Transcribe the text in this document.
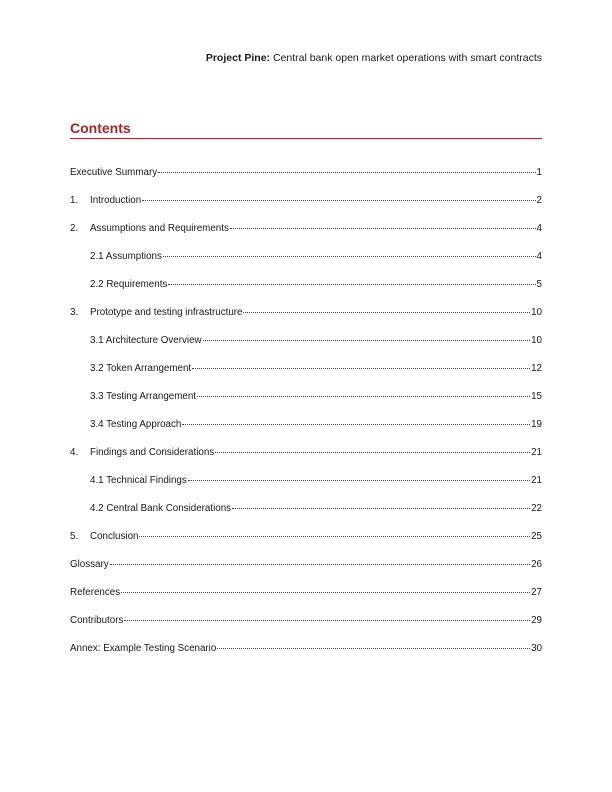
Project Pine: Central bank open market operations with smart contracts
Contents
Executive Summary	1
1.	Introduction	2
2.	Assumptions and Requirements	4
2.1 Assumptions	4
2.2 Requirements	5
3.	Prototype and testing infrastructure	10
3.1 Architecture Overview	10
3.2 Token Arrangement	12
3.3 Testing Arrangement	15
3.4 Testing Approach	19
4.	Findings and Considerations	21
4.1 Technical Findings	21
4.2 Central Bank Considerations	22
5.	Conclusion	25
Glossary	26
References	27
Contributors	29
Annex: Example Testing Scenario	30
